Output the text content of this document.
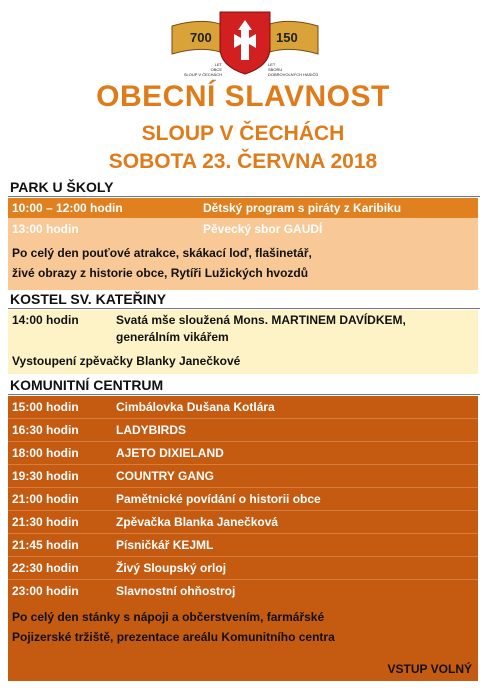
700	150
LET
OBCE
SLOUP V ČECHÁCH
LET
SBORU
DOBROVOLNÝCH HASIČŮ
OBECNÍ SLAVNOST
SLOUP V ČECHÁCH
SOBOTA 23. ČERVNA 2018
PARK U ŠKOLY
10:00 – 12:00 hodin	Dětský program s piráty z Karibiku
13:00 hodin	Pěvecký sbor GAUDÍ
Po celý den pouťové atrakce, skákací loď, flašinetář,
živé obrazy z historie obce, Rytíři Lužických hvozdů
KOSTEL SV. KATEŘINY
14:00 hodin	Svatá mše sloužená Mons. MARTINEM DAVÍDKEM,
generálním vikářem
Vystoupení zpěvačky Blanky Janečkové
KOMUNITNÍ CENTRUM
15:00 hodin	Cimbálovka Dušana Kotlára
16:30 hodin	LADYBIRDS
18:00 hodin	AJETO DIXIELAND
19:30 hodin	COUNTRY GANG
21:00 hodin	Pamětnické povídání o historii obce
21:30 hodin	Zpěvačka Blanka Janečková
21:45 hodin	Písničkář KEJML
22:30 hodin	Živý Sloupský orloj
23:00 hodin	Slavnostní ohňostroj
Po celý den stánky s nápoji a občerstvením, farmářské
Pojizerské tržiště, prezentace areálu Komunitního centra
VSTUP VOLNÝ
